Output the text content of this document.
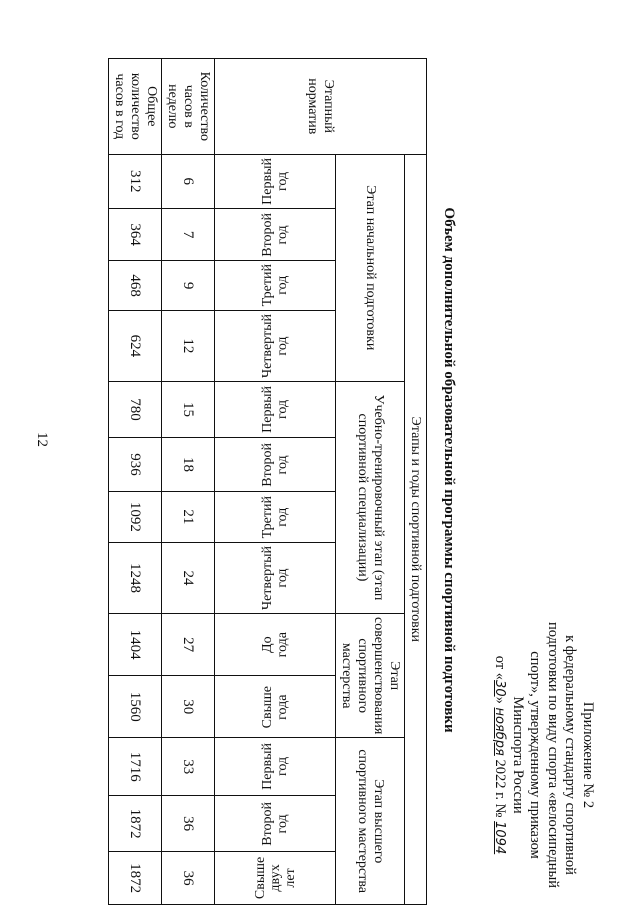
12
Приложение № 2
к федеральному стандарту спортивной
подготовки по виду спорта «велосипедный
спорт», утвержденному приказом
Минспорта России
от «30» ноября 2022 г. № 1094
Объем дополнительной образовательной программы спортивной подготовки
Этапный норматив	Этапы и годы спортивной подготовки												
	Этап начальной подготовки				Учебно-тренировочный этап (этап спортивной специализации)				Этап совершенствования спортивного мастерства		Этап высшего спортивного мастерства		
	Первый
год	Второй
год	Третий
год	Четвертый
год	Первый
год	Второй
год	Третий
год	Четвертый
год	До
года	Свыше
года	Первый
год	Второй
год	Свыше двух
лет
Количество часов в неделю	6	7	9	12	15	18	21	24	27	30	33	36	36
Общее количество часов в год	312	364	468	624	780	936	1092	1248	1404	1560	1716	1872	1872
